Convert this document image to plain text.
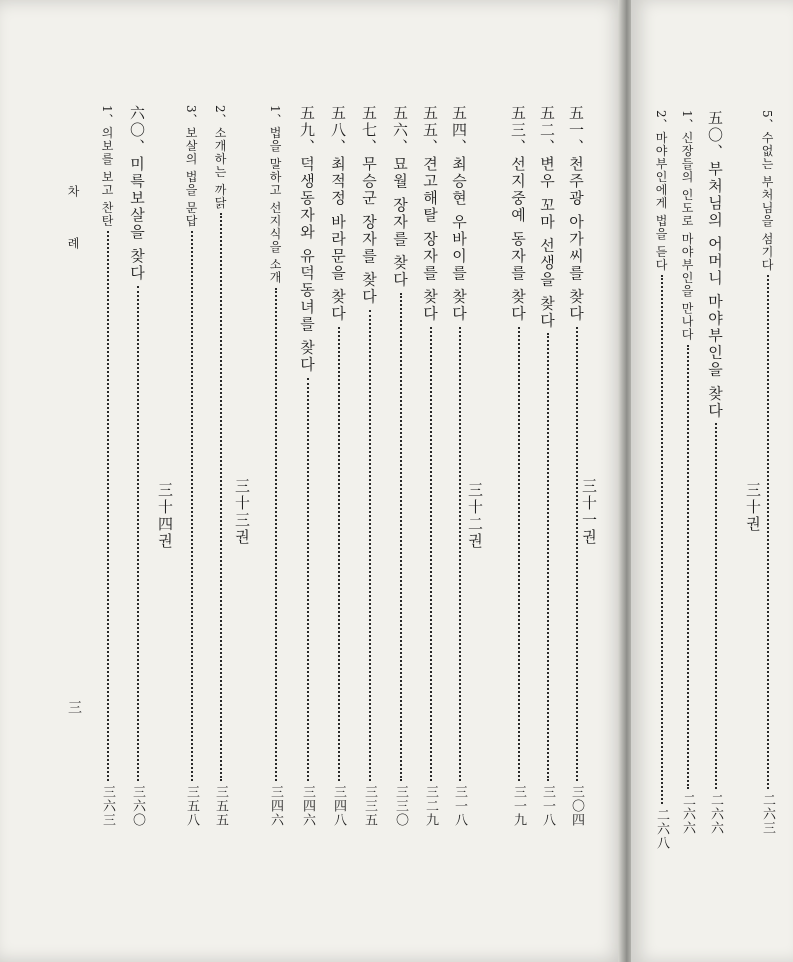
五一、천주광 아가씨를 찾다
三〇四
五二、변우 꼬마 선생을 찾다
三一八
五三、선지중예 동자를 찾다
三一九
五四、최승현 우바이를 찾다
三一八
五五、견고해탈 장자를 찾다
三二九
五六、묘월 장자를 찾다
三三〇
五七、무승군 장자를 찾다
三三五
五八、최적정 바라문을 찾다
三四八
五九、덕생동자와 유덕동녀를 찾다
三四六
1、법을 말하고 선지식을 소개
三四六
2、소개하는 까닭
三五五
3、보살의 법을 문답
三五八
六〇、미륵보살을 찾다
三六〇
1、의보를 보고 찬탄
三六三
三十一권
三十二권
三十三권
三十四권
차 례
三
5、수없는 부처님을 섬기다
二六三
三十권
五〇、부처님의 어머니 마야부인을 찾다
二六六
1、신장들의 인도로 마야부인을 만나다
二六六
2、마야부인에게 법을 듣다
二六八
